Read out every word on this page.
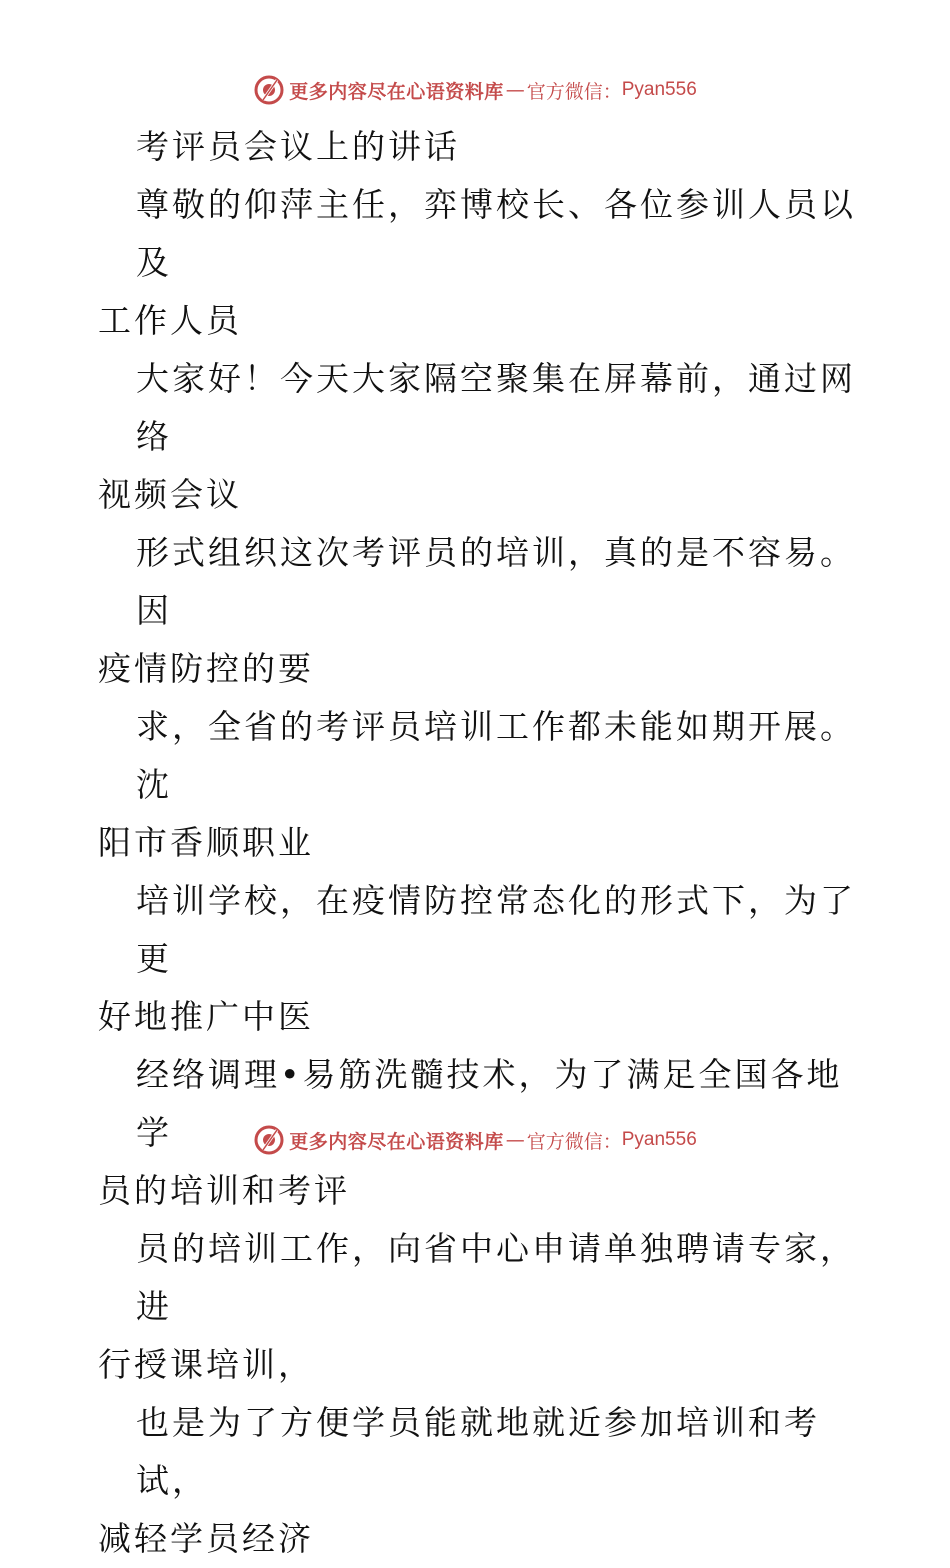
更多内容尽在心语资料库 — 官方微信： Pyan556

考评员会议上的讲话

尊敬的仰萍主任，弈博校长、各位参训人员以及

工作人员

大家好！今天大家隔空聚集在屏幕前，通过网络

视频会议

形式组织这次考评员的培训，真的是不容易。因

疫情防控的要

求，全省的考评员培训工作都未能如期开展。沈

阳市香顺职业

培训学校，在疫情防控常态化的形式下，为了更

好地推广中医

经络调理•易筋洗髓技术，为了满足全国各地学

员的培训和考评

员的培训工作，向省中心申请单独聘请专家，进

行授课培训，

也是为了方便学员能就地就近参加培训和考试，

减轻学员经济

更多内容尽在心语资料库 — 官方微信： Pyan556
